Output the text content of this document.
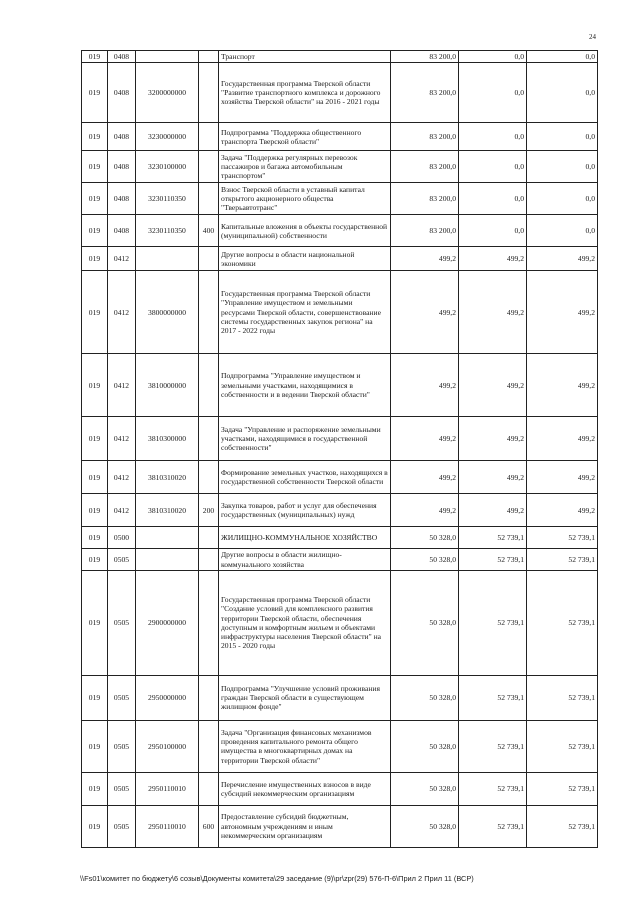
24
019	0408			Транспорт	83 200,0	0,0	0,0
019	0408	3200000000		Государственная программа Тверской области "Развитие транспортного комплекса и дорожного хозяйства Тверской области" на 2016 - 2021 годы	83 200,0	0,0	0,0
019	0408	3230000000		Подпрограмма "Поддержка общественного транспорта Тверской области"	83 200,0	0,0	0,0
019	0408	3230100000		Задача "Поддержка регулярных перевозок пассажиров и багажа автомобильным транспортом"	83 200,0	0,0	0,0
019	0408	3230110350		Взнос Тверской области в уставный капитал открытого акционерного общества "Тверьавтотранс"	83 200,0	0,0	0,0
019	0408	3230110350	400	Капитальные вложения в объекты государственной (муниципальной) собственности	83 200,0	0,0	0,0
019	0412			Другие вопросы в области национальной экономики	499,2	499,2	499,2
019	0412	3800000000		Государственная программа Тверской области "Управление имуществом и земельными ресурсами Тверской области, совершенствование системы государственных закупок региона" на 2017 - 2022 годы	499,2	499,2	499,2
019	0412	3810000000		Подпрограмма "Управление имуществом и земельными участками, находящимися в собственности и в ведении Тверской области"	499,2	499,2	499,2
019	0412	3810300000		Задача "Управление и распоряжение земельными участками, находящимися в государственной собственности"	499,2	499,2	499,2
019	0412	3810310020		Формирование земельных участков, находящихся в государственной собственности Тверской области	499,2	499,2	499,2
019	0412	3810310020	200	Закупка товаров, работ и услуг для обеспечения государственных (муниципальных) нужд	499,2	499,2	499,2
019	0500			ЖИЛИЩНО-КОММУНАЛЬНОЕ ХОЗЯЙСТВО	50 328,0	52 739,1	52 739,1
019	0505			Другие вопросы в области жилищно-коммунального хозяйства	50 328,0	52 739,1	52 739,1
019	0505	2900000000		Государственная программа Тверской области "Создание условий для комплексного развития территории Тверской области, обеспечения доступным и комфортным жильем и объектами инфраструктуры населения Тверской области" на 2015 - 2020 годы	50 328,0	52 739,1	52 739,1
019	0505	2950000000		Подпрограмма "Улучшение условий проживания граждан Тверской области в существующем жилищном фонде"	50 328,0	52 739,1	52 739,1
019	0505	2950100000		Задача "Организация финансовых механизмов проведения капитального ремонта общего имущества в многоквартирных домах на территории Тверской области"	50 328,0	52 739,1	52 739,1
019	0505	2950110010		Перечисление имущественных взносов в виде субсидий некоммерческим организациям	50 328,0	52 739,1	52 739,1
019	0505	2950110010	600	Предоставление субсидий бюджетным, автономным учреждениям и иным некоммерческим организациям	50 328,0	52 739,1	52 739,1
\\Fs01\комитет по бюджету\6 созыв\Документы комитета\29 заседание (9)\pr\zpr(29) 576-П-6\Прил 2 Прил 11 (ВСР)
